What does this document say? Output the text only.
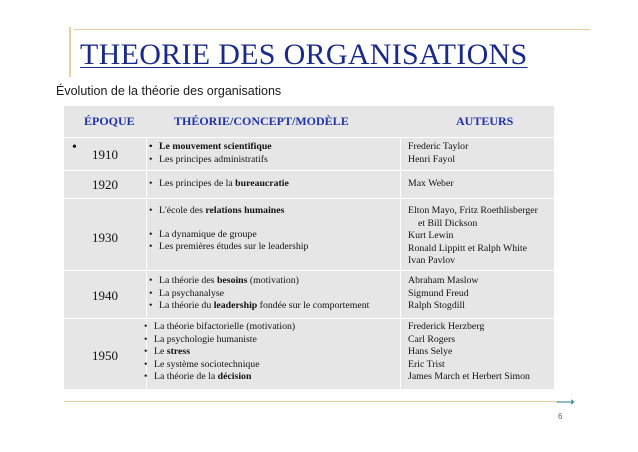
THEORIE DES ORGANISATIONS
Évolution de la théorie des organisations
ÉPOQUE	THÉORIE/CONCEPT/MODÈLE	AUTEURS
•	1910
• Le mouvement scientifique
• Les principes administratifs
Frederic Taylor
Henri Fayol
1920
•	Les principes de la bureaucratie	Max Weber
1930
• L'école des relations humaines
• La dynamique de groupe
• Les premières études sur le leadership
Elton Mayo, Fritz Roethlisberger
et Bill Dickson
Kurt Lewin
Ronald Lippitt et Ralph White
Ivan Pavlov
1940
• La théorie des besoins (motivation)
• La psychanalyse
• La théorie du leadership fondée sur le comportement
Abraham Maslow
Sigmund Freud
Ralph Stogdill
1950
• La théorie bifactorielle (motivation)
• La psychologie humaniste
• Le stress
• Le système sociotechnique
• La théorie de la décision
Frederick Herzberg
Carl Rogers
Hans Selye
Eric Trist
James March et Herbert Simon
⟶
6
